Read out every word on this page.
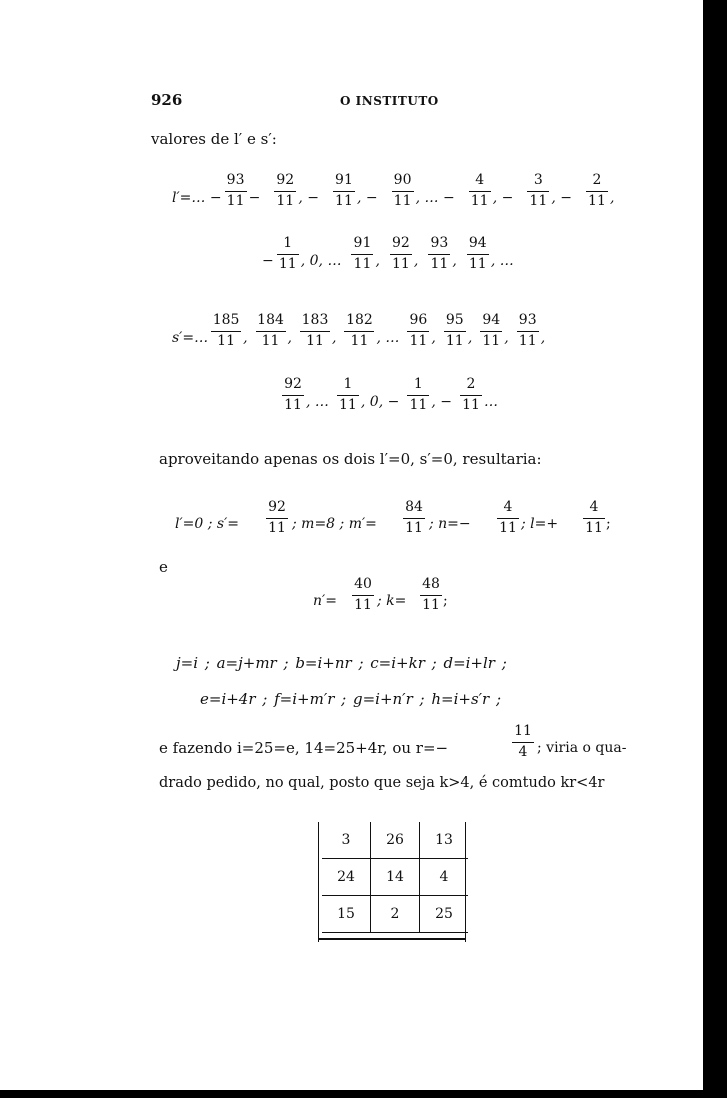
926	O INSTITUTO
valores de l′ e s′:
aproveitando apenas os dois l′=0, s′=0, resultaria:
l′=0 ; s′=
92
11 ; m=8 ; m′=
84
11 ; n=−
4
11 ; l=+
4
11 ;
e
n′=
40
11 ; k=
48
11 ;
j=i ; a=j+mr ; b=i+nr ; c=i+kr ; d=i+lr ;
e=i+4r ; f=i+m′r ; g=i+n′r ; h=i+s′r ;
e fazendo i=25=e, 14=25+4r, ou r=−
11
4 ; viria o qua-
drado pedido, no qual, posto que seja k>4, é comtudo kr<4r
3	26	13
24	14	4
15	2	25
l′=… −
93
11 −
92
11 , −
91
11 , −
90
11 , … −
4
11 , −
3
11 , −
2
11 ,
−
1
11 , 0, …
91
11 ,
92
11 ,
93
11 ,
94
11 , …
s′=…
185
11 ,
184
11 ,
183
11 ,
182
11 , …
96
11 ,
95
11 ,
94
11 ,
93
11 ,
92
11 , …
1
11 , 0, −
1
11 , −
2
11 …
